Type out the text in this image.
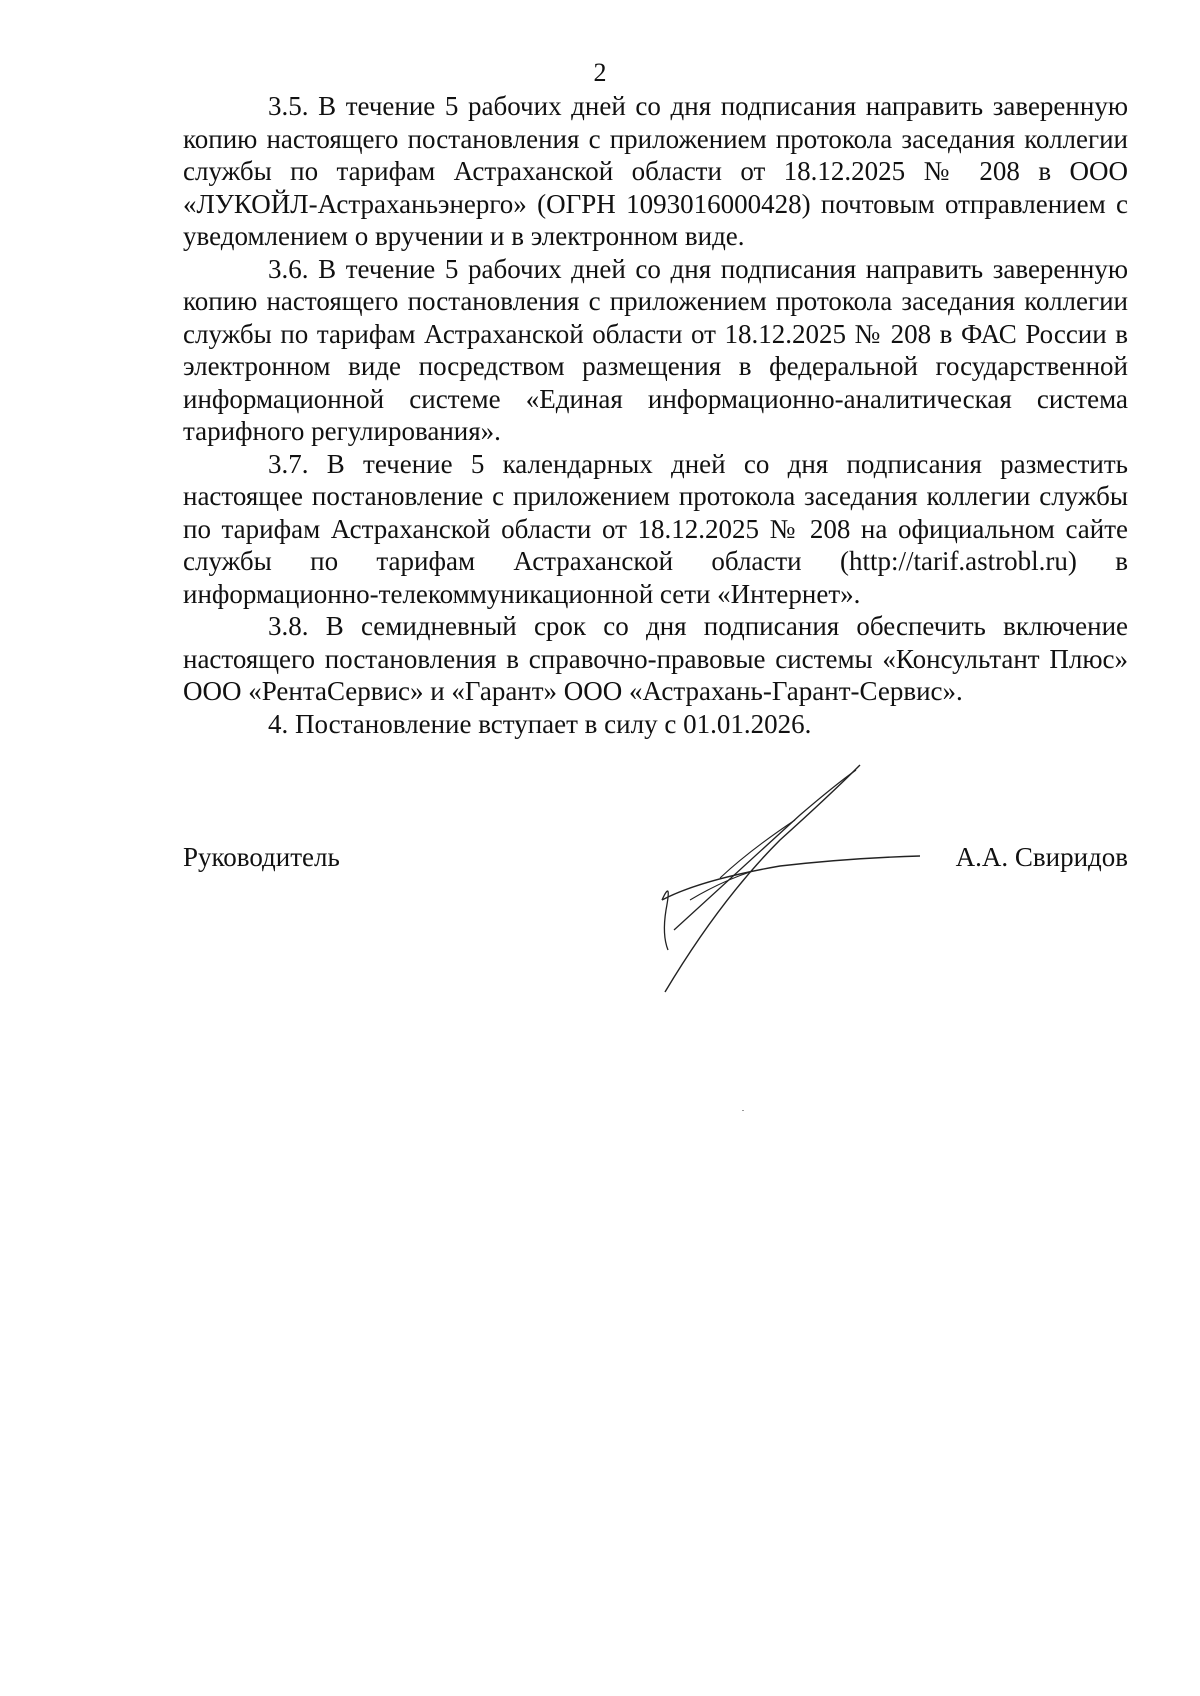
2

3.5. В течение 5 рабочих дней со дня подписания направить заверенную копию настоящего постановления с приложением протокола заседания коллегии службы по тарифам Астраханской области от 18.12.2025 № 208 в ООО «ЛУКОЙЛ-Астраханьэнерго» (ОГРН 1093016000428) почтовым отправлением с уведомлением о вручении и в электронном виде.

3.6. В течение 5 рабочих дней со дня подписания направить заверенную копию настоящего постановления с приложением протокола заседания коллегии службы по тарифам Астраханской области от 18.12.2025 № 208 в ФАС России в электронном виде посредством размещения в федеральной государственной информационной системе «Единая информационно-аналитическая система тарифного регулирования».

3.7. В течение 5 календарных дней со дня подписания разместить настоящее постановление с приложением протокола заседания коллегии службы по тарифам Астраханской области от 18.12.2025 № 208 на официальном сайте службы по тарифам Астраханской области (http://tarif.astrobl.ru) в информационно-телекоммуникационной сети «Интернет».

3.8. В семидневный срок со дня подписания обеспечить включение настоящего постановления в справочно-правовые системы «Консультант Плюс» ООО «РентаСервис» и «Гарант» ООО «Астрахань-Гарант-Сервис».

4. Постановление вступает в силу с 01.01.2026.

Руководитель	А.А. Свиридов
